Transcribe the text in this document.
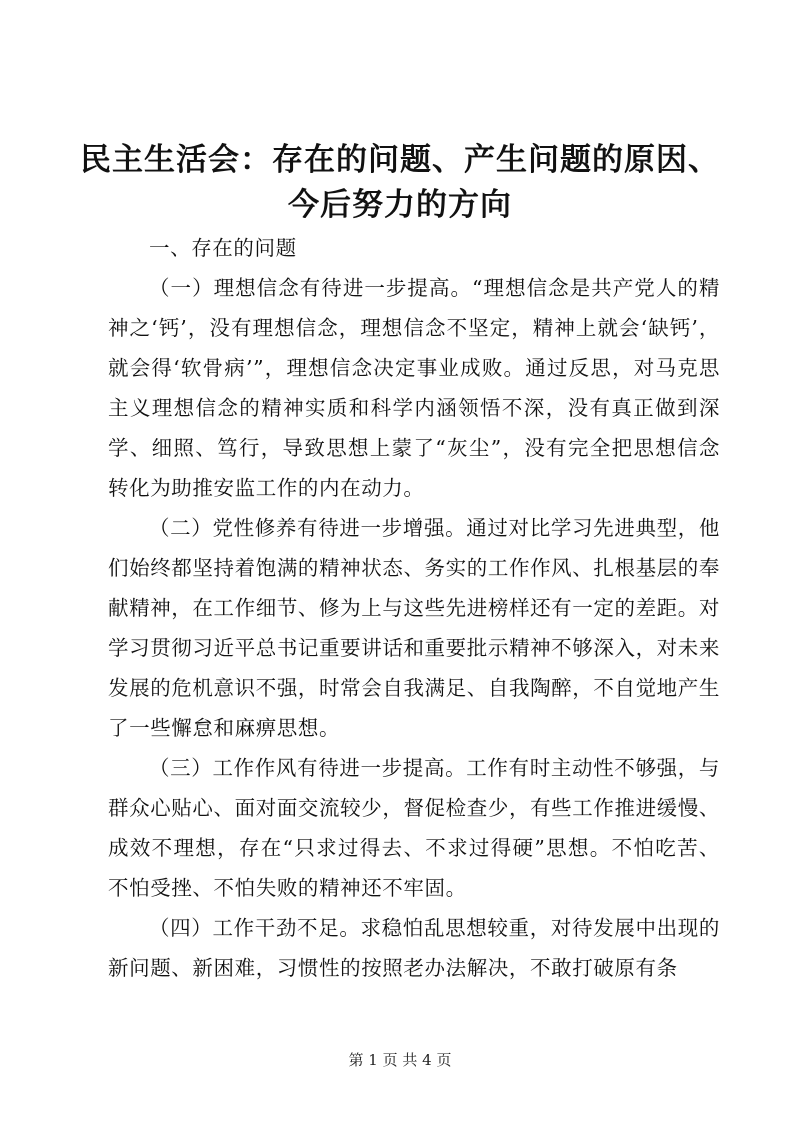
民主生活会：存在的问题、产生问题的原因、
今后努力的方向

一、存在的问题

（一）理想信念有待进一步提高。“理想信念是共产党人的精神之‘钙’，没有理想信念，理想信念不坚定，精神上就会‘缺钙’，就会得‘软骨病’”，理想信念决定事业成败。通过反思，对马克思主义理想信念的精神实质和科学内涵领悟不深，没有真正做到深学、细照、笃行，导致思想上蒙了“灰尘”，没有完全把思想信念转化为助推安监工作的内在动力。

（二）党性修养有待进一步增强。通过对比学习先进典型，他们始终都坚持着饱满的精神状态、务实的工作作风、扎根基层的奉献精神，在工作细节、修为上与这些先进榜样还有一定的差距。对学习贯彻习近平总书记重要讲话和重要批示精神不够深入，对未来发展的危机意识不强，时常会自我满足、自我陶醉，不自觉地产生了一些懈怠和麻痹思想。

（三）工作作风有待进一步提高。工作有时主动性不够强，与群众心贴心、面对面交流较少，督促检查少，有些工作推进缓慢、成效不理想，存在“只求过得去、不求过得硬”思想。不怕吃苦、不怕受挫、不怕失败的精神还不牢固。

（四）工作干劲不足。求稳怕乱思想较重，对待发展中出现的新问题、新困难，习惯性的按照老办法解决，不敢打破原有条

第 1 页 共 4 页
